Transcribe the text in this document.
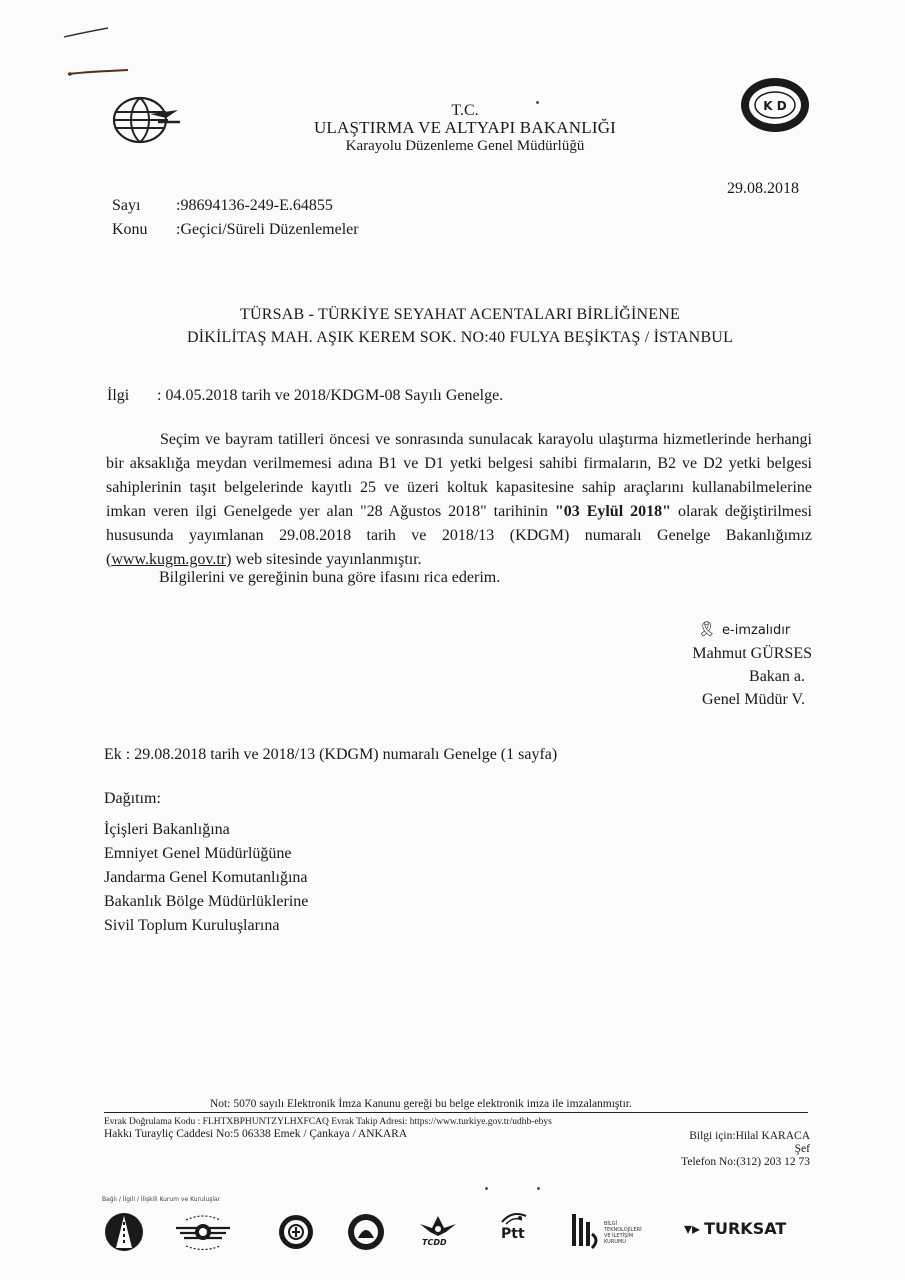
T.C.
ULAŞTIRMA VE ALTYAPI BAKANLIĞI
Karayolu Düzenleme Genel Müdürlüğü
K D
29.08.2018
Sayı :98694136-249-E.64855
Konu :Geçici/Süreli Düzenlemeler
TÜRSAB - TÜRKİYE SEYAHAT ACENTALARI BİRLİĞİNENE
DİKİLİTAŞ MAH. AŞIK KEREM SOK. NO:40 FULYA BEŞİKTAŞ / İSTANBUL
İlgi : 04.05.2018 tarih ve 2018/KDGM-08 Sayılı Genelge.
Seçim ve bayram tatilleri öncesi ve sonrasında sunulacak karayolu ulaştırma hizmetlerinde herhangi bir aksaklığa meydan verilmemesi adına B1 ve D1 yetki belgesi sahibi firmaların, B2 ve D2 yetki belgesi sahiplerinin taşıt belgelerinde kayıtlı 25 ve üzeri koltuk kapasitesine sahip araçlarını kullanabilmelerine imkan veren ilgi Genelgede yer alan "28 Ağustos 2018" tarihinin "03 Eylül 2018" olarak değiştirilmesi hususunda yayımlanan 29.08.2018 tarih ve 2018/13 (KDGM) numaralı Genelge Bakanlığımız (www.kugm.gov.tr) web sitesinde yayınlanmıştır.
Bilgilerini ve gereğinin buna göre ifasını rica ederim.
🎗 e-imzalıdır
Mahmut GÜRSES
Bakan a.
Genel Müdür V.
Ek : 29.08.2018 tarih ve 2018/13 (KDGM) numaralı Genelge (1 sayfa)
Dağıtım:
İçişleri Bakanlığına
Emniyet Genel Müdürlüğüne
Jandarma Genel Komutanlığına
Bakanlık Bölge Müdürlüklerine
Sivil Toplum Kuruluşlarına
Not: 5070 sayılı Elektronik İmza Kanunu gereği bu belge elektronik imza ile imzalanmıştır.
Evrak Doğrulama Kodu : FLHTXBPHUNTZYLHXFCAQ Evrak Takip Adresi: https://www.turkiye.gov.tr/udhb-ebys
Hakkı Turayliç Caddesi No:5 06338 Emek / Çankaya / ANKARA	Bilgi için:Hilal KARACA
Şef
Telefon No:(312) 203 12 73
Bağlı / İlgili / İlişkili Kurum ve Kuruluşlar
TCDD
Ptt
BİLGİ
TEKNOLOJİLERİ
VE İLETİŞİM
KURUMU
▾▸ TURKSAT
